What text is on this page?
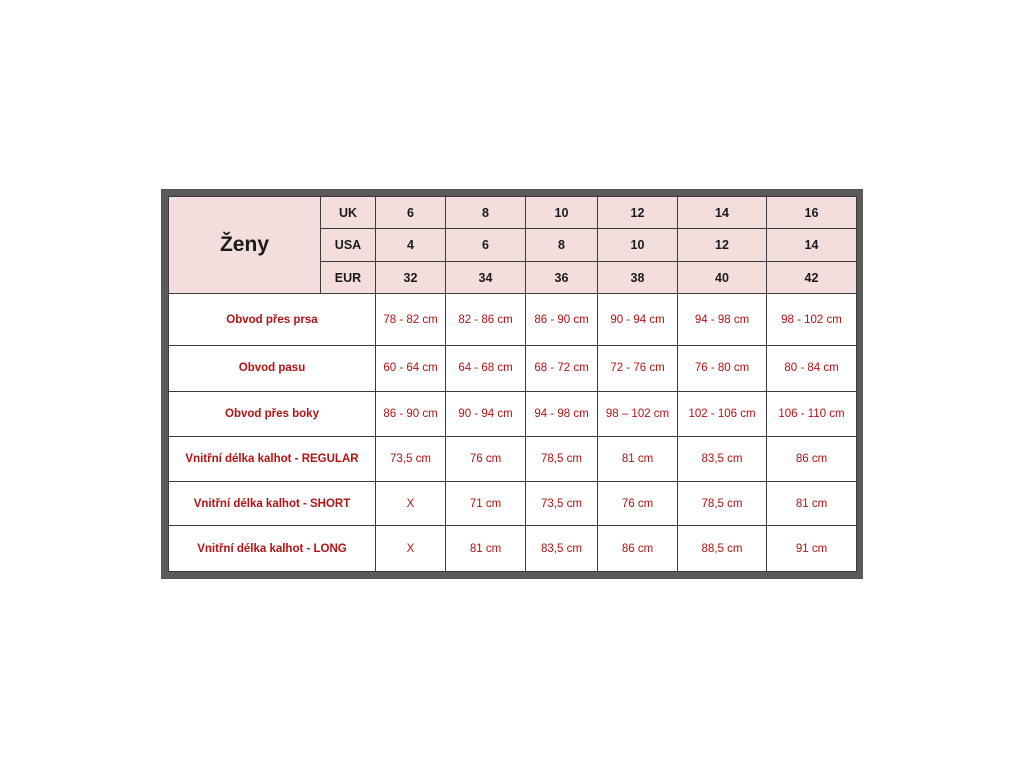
Ženy	UK	6	8	10	12	14	16
	USA	4	6	8	10	12	14
	EUR	32	34	36	38	40	42
Obvod přes prsa		78 - 82 cm	82 - 86 cm	86 - 90 cm	90 - 94 cm	94 - 98 cm	98 - 102 cm
Obvod pasu		60 - 64 cm	64 - 68 cm	68 - 72 cm	72 - 76 cm	76 - 80 cm	80 - 84 cm
Obvod přes boky		86 - 90 cm	90 - 94 cm	94 - 98 cm	98 – 102 cm	102 - 106 cm	106 - 110 cm
Vnitřní délka kalhot - REGULAR		73,5 cm	76 cm	78,5 cm	81 cm	83,5 cm	86 cm
Vnitřní délka kalhot - SHORT		X	71 cm	73,5 cm	76 cm	78,5 cm	81 cm
Vnitřní délka kalhot - LONG		X	81 cm	83,5 cm	86 cm	88,5 cm	91 cm
